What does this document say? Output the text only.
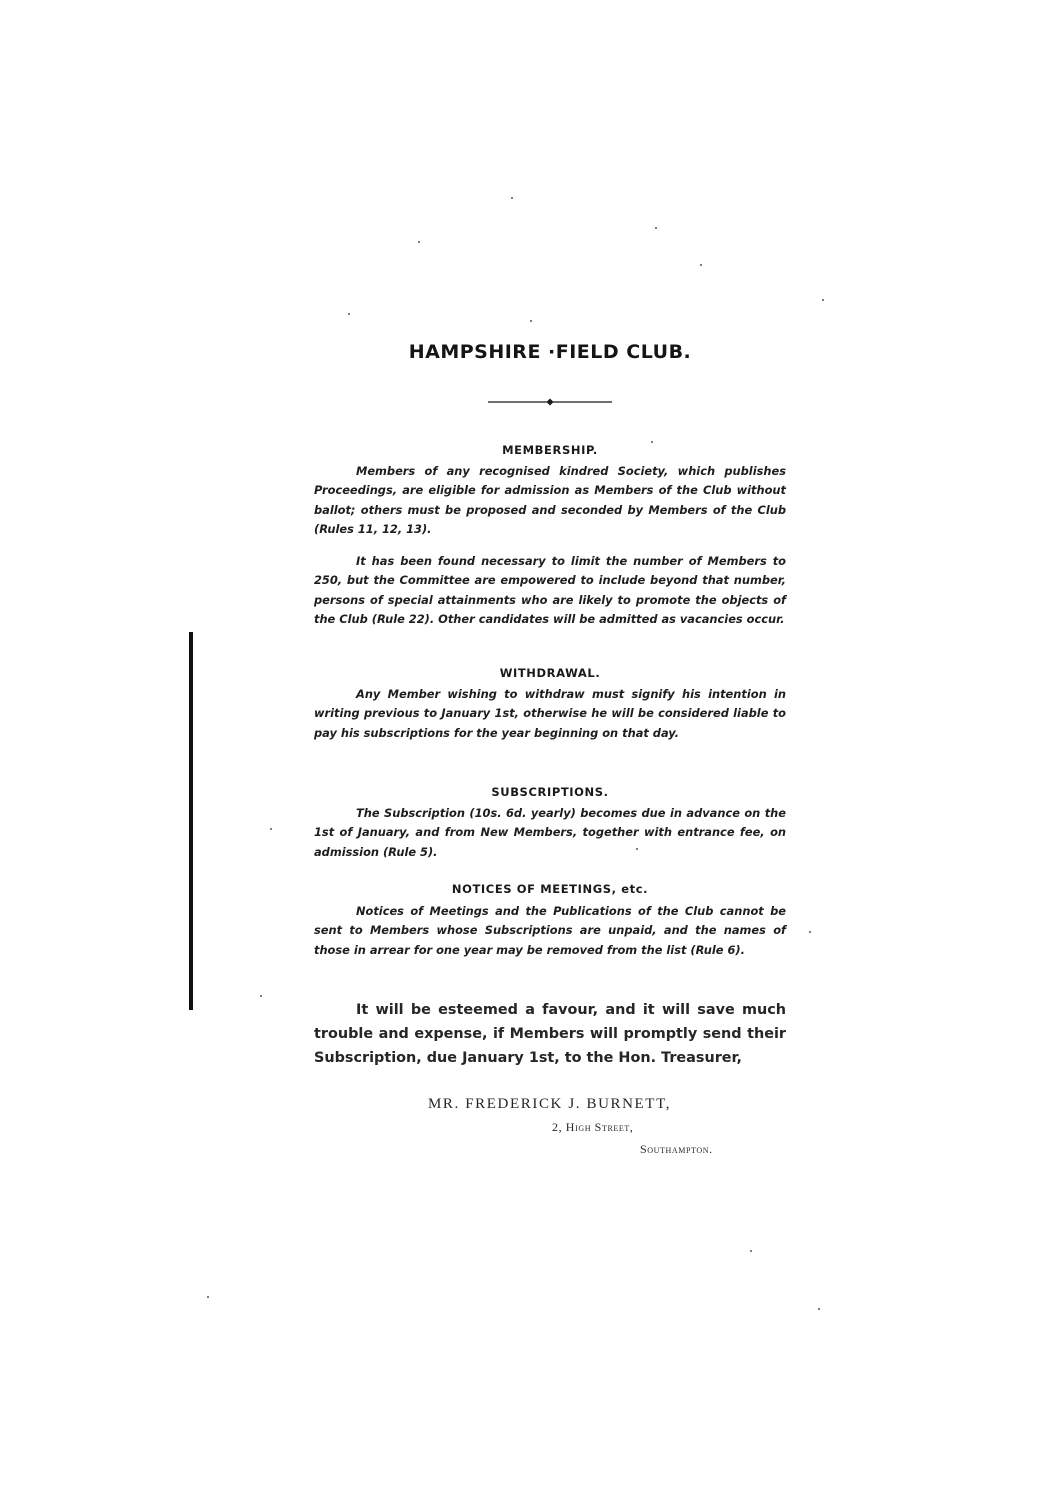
HAMPSHIRE ·FIELD CLUB.
MEMBERSHIP.

Members of any recognised kindred Society, which publishes Proceedings, are eligible for admission as Members of the Club without ballot; others must be proposed and seconded by Members of the Club (Rules 11, 12, 13).

It has been found necessary to limit the number of Members to 250, but the Committee are empowered to include beyond that number, persons of special attainments who are likely to promote the objects of the Club (Rule 22). Other candidates will be admitted as vacancies occur.

WITHDRAWAL.

Any Member wishing to withdraw must signify his intention in writing previous to January 1st, otherwise he will be considered liable to pay his subscriptions for the year beginning on that day.

SUBSCRIPTIONS.

The Subscription (10s. 6d. yearly) becomes due in advance on the 1st of January, and from New Members, together with entrance fee, on admission (Rule 5).

NOTICES OF MEETINGS, etc.

Notices of Meetings and the Publications of the Club cannot be sent to Members whose Subscriptions are unpaid, and the names of those in arrear for one year may be removed from the list (Rule 6).

It will be esteemed a favour, and it will save much trouble and expense, if Members will promptly send their Subscription, due January 1st, to the Hon. Treasurer,

MR. FREDERICK J. BURNETT,
2, High Street,
Southampton.
